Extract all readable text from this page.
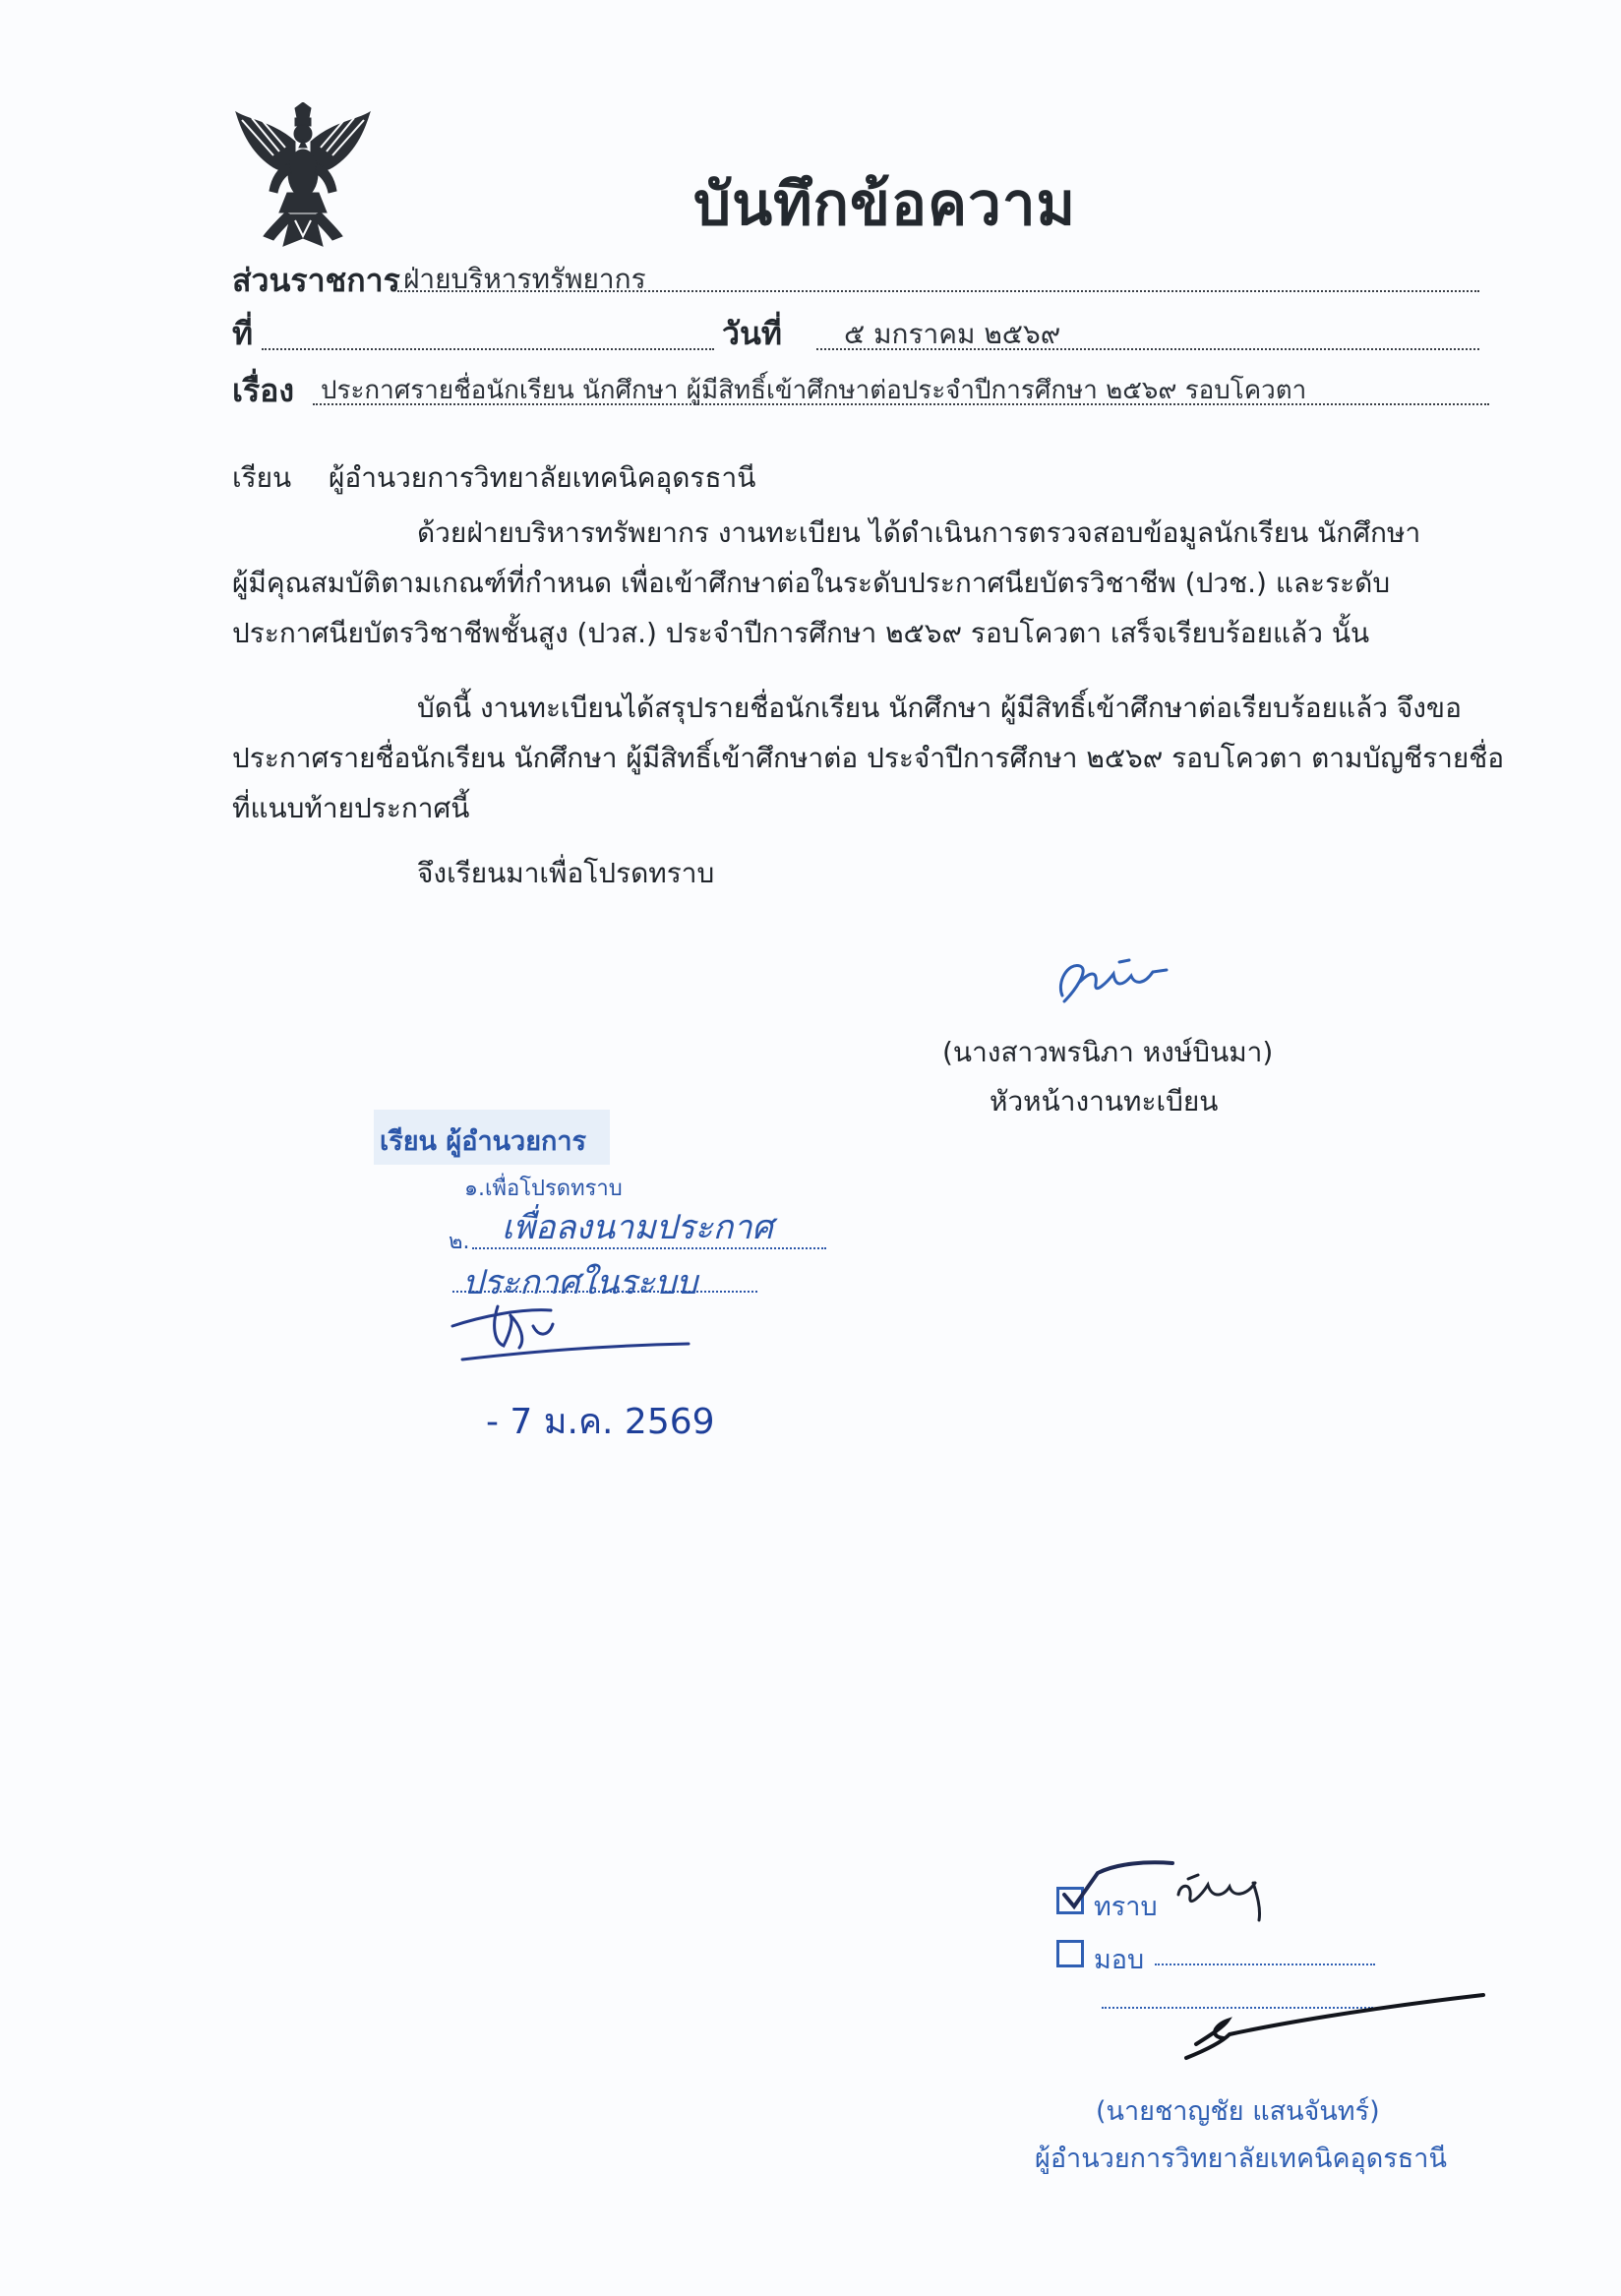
บันทึกข้อความ
ส่วนราชการ ฝ่ายบริหารทรัพยากร
ที่	วันที่ ๕ มกราคม ๒๕๖๙
เรื่อง ประกาศรายชื่อนักเรียน นักศึกษา ผู้มีสิทธิ์เข้าศึกษาต่อประจำปีการศึกษา ๒๕๖๙ รอบโควตา
เรียน ผู้อำนวยการวิทยาลัยเทคนิคอุดรธานี
ด้วยฝ่ายบริหารทรัพยากร งานทะเบียน ได้ดำเนินการตรวจสอบข้อมูลนักเรียน นักศึกษา
ผู้มีคุณสมบัติตามเกณฑ์ที่กำหนด เพื่อเข้าศึกษาต่อในระดับประกาศนียบัตรวิชาชีพ (ปวช.) และระดับ
ประกาศนียบัตรวิชาชีพชั้นสูง (ปวส.) ประจำปีการศึกษา ๒๕๖๙ รอบโควตา เสร็จเรียบร้อยแล้ว นั้น
บัดนี้ งานทะเบียนได้สรุปรายชื่อนักเรียน นักศึกษา ผู้มีสิทธิ์เข้าศึกษาต่อเรียบร้อยแล้ว จึงขอ
ประกาศรายชื่อนักเรียน นักศึกษา ผู้มีสิทธิ์เข้าศึกษาต่อ ประจำปีการศึกษา ๒๕๖๙ รอบโควตา ตามบัญชีรายชื่อ
ที่แนบท้ายประกาศนี้
จึงเรียนมาเพื่อโปรดทราบ
(นางสาวพรนิภา หงษ์บินมา)
หัวหน้างานทะเบียน
เรียน ผู้อำนวยการ
๑.เพื่อโปรดทราบ
๒. เพื่อลงนามประกาศ
ประกาศในระบบ
- 7 ม.ค. 2569
ทราบ
มอบ
(นายชาญชัย แสนจันทร์)
ผู้อำนวยการวิทยาลัยเทคนิคอุดรธานี
